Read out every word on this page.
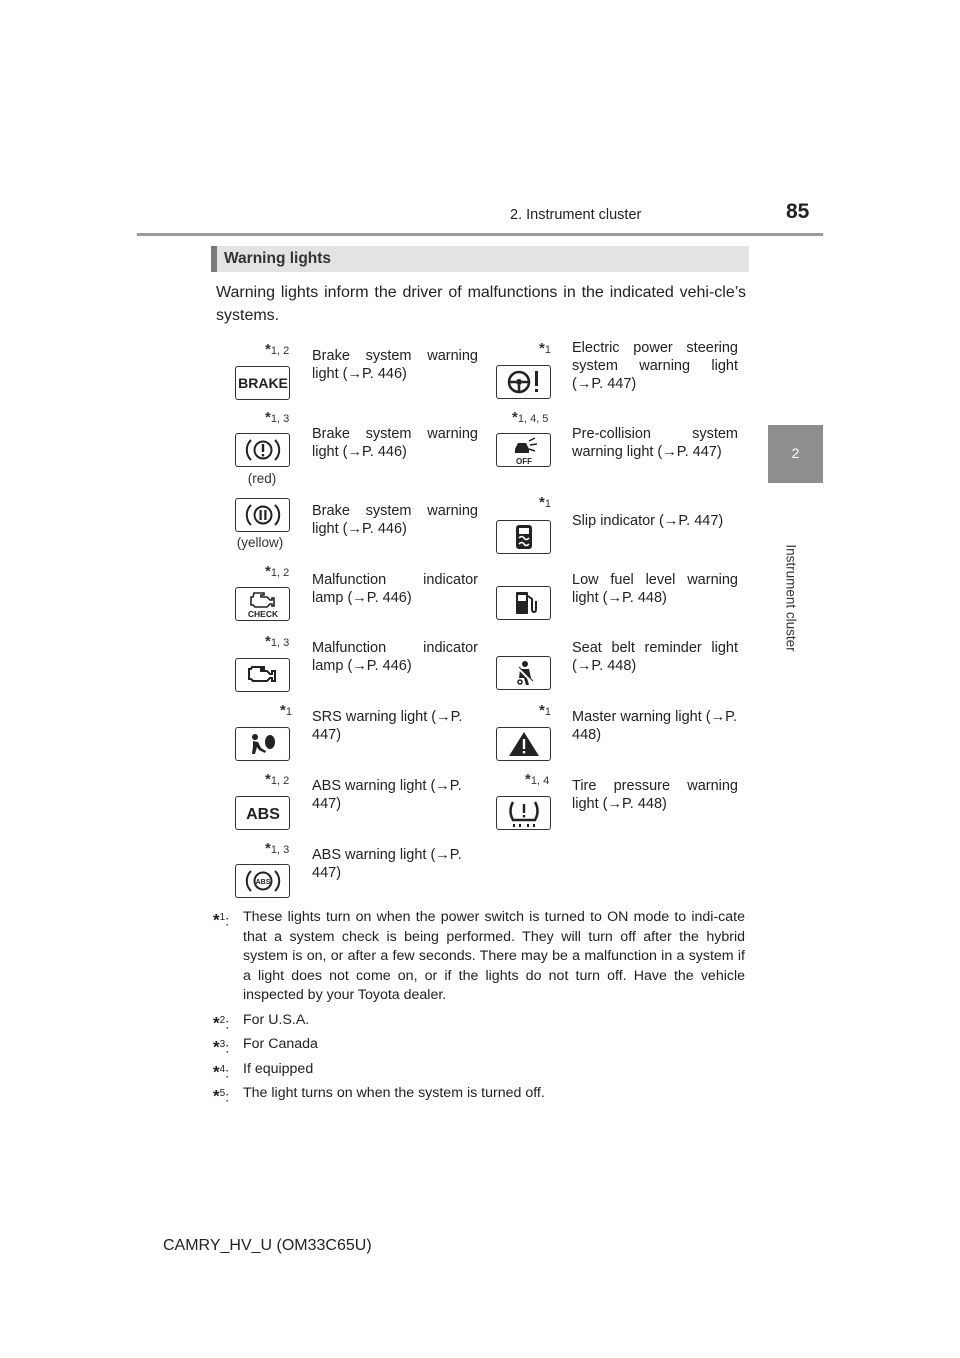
2. Instrument cluster	85
2
Instrument cluster
Warning lights
Warning lights inform the driver of malfunctions in the indicated vehi-cle’s systems.
*1, 2
BRAKE
Brake system warning light (→P. 446)
*1, 3
(red)
Brake system warning light (→P. 446)
(yellow)
Brake system warning light (→P. 446)
*1, 2
CHECK
Malfunction indicator lamp (→P. 446)
*1, 3 Malfunction indicator lamp (→P. 446)
*1 SRS warning light (→P. 447)
*1, 2
ABS
ABS warning light (→P. 447)
*1, 3
ABS
ABS warning light (→P. 447)
*1 Electric power steering system warning light (→P. 447)
*1, 4, 5
OFF
Pre-collision system warning light (→P. 447)
*1
Slip indicator (→P. 447)
Low fuel level warning light (→P. 448)
Seat belt reminder light (→P. 448)
*1 Master warning light (→P. 448)
*1, 4 Tire pressure warning light (→P. 448)
*$^1$: These lights turn on when the power switch is turned to ON mode to indi-cate that a system check is being performed. They will turn off after the hybrid system is on, or after a few seconds. There may be a malfunction in a system if a light does not come on, or if the lights do not turn off. Have the vehicle inspected by your Toyota dealer.
*$^2$: For U.S.A.
*$^3$: For Canada
*$^4$: If equipped
*$^5$: The light turns on when the system is turned off.
CAMRY_HV_U (OM33C65U)
